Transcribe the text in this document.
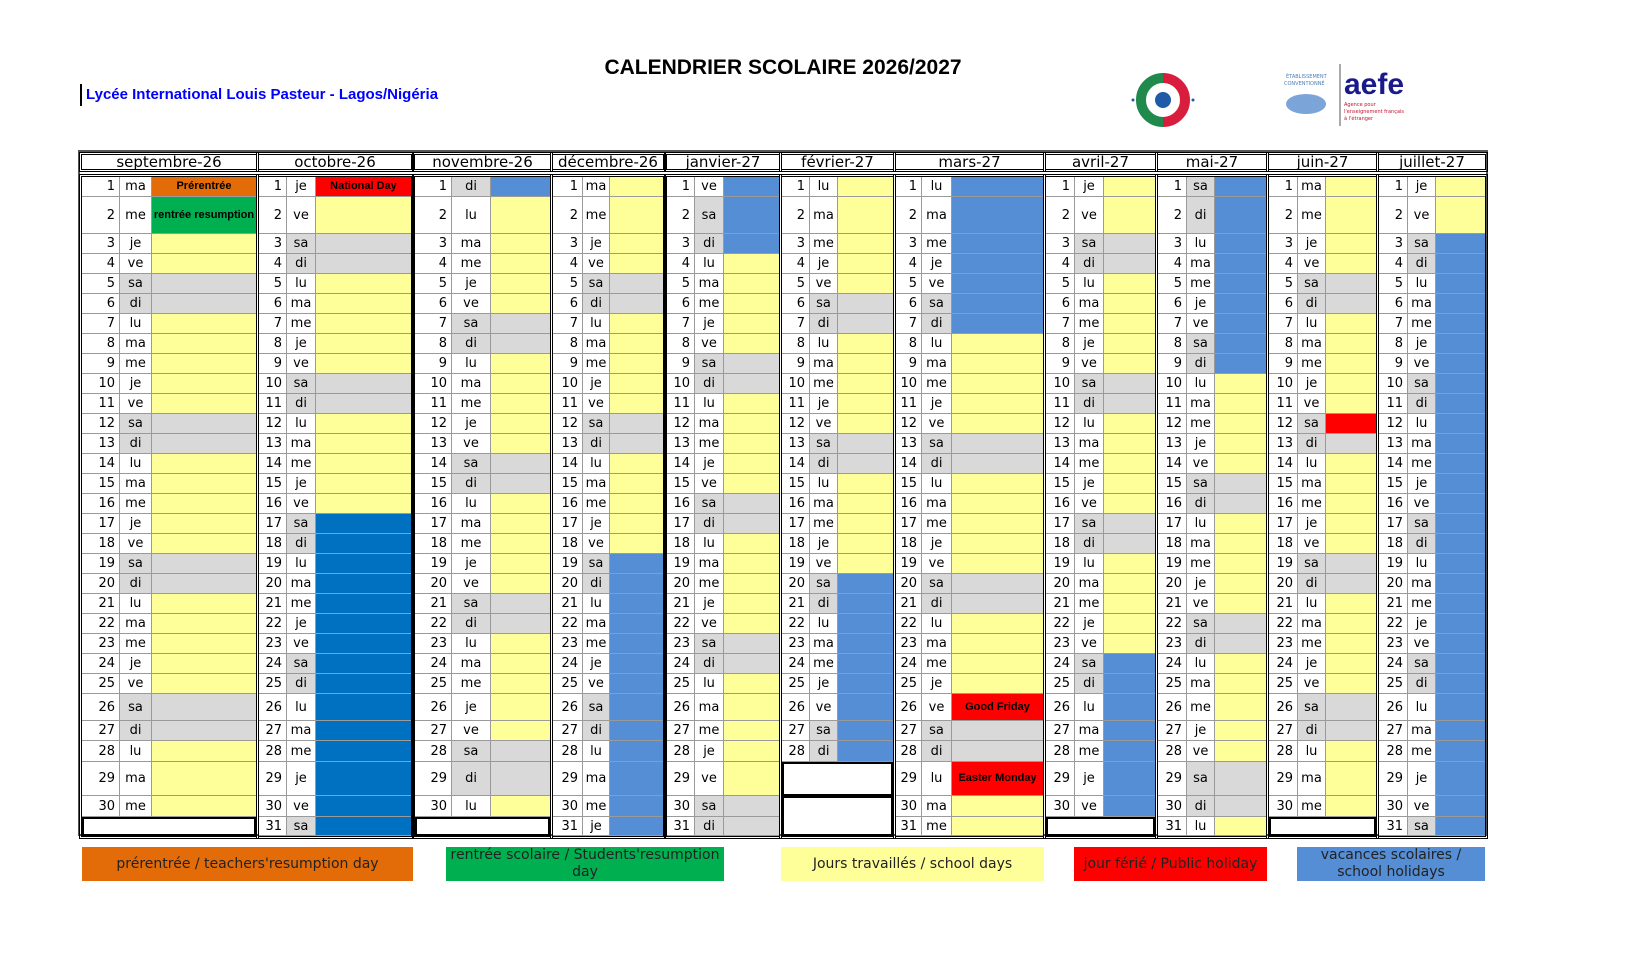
CALENDRIER SCOLAIRE 2026/2027
Lycée International Louis Pasteur - Lagos/Nigéria
ÉTABLISSEMENT
CONVENTIONNÉ aefe
Agence pour
l'enseignement français
à l'étranger
septembre-26
1 ma	Prérentrée
2 me rentrée resumption
3	je
4 ve
5	sa
6	di
7	lu
8 ma
9 me
10	je
11 ve
12	sa
13	di
14	lu
15 ma
16 me
17	je
18 ve
19	sa
20	di
21	lu
22 ma
23 me
24	je
25 ve
26	sa
27	di
28	lu
29 ma
30 me
octobre-26
1	je	National Day
2 ve
3 sa
4	di
5	lu
6 ma
7 me
8	je
9 ve
10 sa
11	di
12	lu
13 ma
14 me
15	je
16 ve
17 sa
18	di
19	lu
20 ma
21 me
22	je
23 ve
24 sa
25	di
26	lu
27 ma
28 me
29	je
30 ve
31 sa
novembre-26
1	di
2	lu
3	ma
4	me
5	je
6	ve
7	sa
8	di
9	lu
10	ma
11	me
12	je
13	ve
14	sa
15	di
16	lu
17	ma
18	me
19	je
20	ve
21	sa
22	di
23	lu
24	ma
25	me
26	je
27	ve
28	sa
29	di
30	lu
décembre-26
1 ma
2 me
3 je
4 ve
5 sa
6 di
7 lu
8 ma
9 me
10 je
11 ve
12 sa
13 di
14 lu
15 ma
16 me
17 je
18 ve
19 sa
20 di
21 lu
22 ma
23 me
24 je
25 ve
26 sa
27 di
28 lu
29 ma
30 me
31 je
janvier-27
1 ve
2 sa
3	di
4	lu
5 ma
6 me
7	je
8 ve
9 sa
10	di
11	lu
12 ma
13 me
14	je
15 ve
16 sa
17	di
18	lu
19 ma
20 me
21	je
22 ve
23 sa
24	di
25	lu
26 ma
27 me
28	je
29 ve
30 sa
31	di
février-27
1 lu
2 ma
3 me
4 je
5 ve
6 sa
7 di
8 lu
9 ma
10 me
11 je
12 ve
13 sa
14 di
15 lu
16 ma
17 me
18 je
19 ve
20 sa
21 di
22 lu
23 ma
24 me
25 je
26 ve
27 sa
28 di
mars-27
1	lu
2 ma
3 me
4	je
5 ve
6 sa
7	di
8	lu
9 ma
10 me
11	je
12 ve
13 sa
14	di
15	lu
16 ma
17 me
18	je
19 ve
20 sa
21	di
22	lu
23 ma
24 me
25	je
26 ve	Good Friday
27 sa
28	di
29	lu	Easter Monday
30 ma
31 me
avril-27
1	je
2 ve
3 sa
4	di
5	lu
6 ma
7 me
8	je
9 ve
10 sa
11	di
12	lu
13 ma
14 me
15	je
16 ve
17 sa
18	di
19	lu
20 ma
21 me
22	je
23 ve
24 sa
25	di
26	lu
27 ma
28 me
29	je
30 ve
mai-27
1 sa
2 di
3 lu
4 ma
5 me
6 je
7 ve
8 sa
9 di
10 lu
11 ma
12 me
13 je
14 ve
15 sa
16 di
17 lu
18 ma
19 me
20 je
21 ve
22 sa
23 di
24 lu
25 ma
26 me
27 je
28 ve
29 sa
30 di
31 lu
juin-27
1 ma
2 me
3 je
4 ve
5 sa
6 di
7 lu
8 ma
9 me
10 je
11 ve
12 sa
13 di
14 lu
15 ma
16 me
17 je
18 ve
19 sa
20 di
21 lu
22 ma
23 me
24 je
25 ve
26 sa
27 di
28 lu
29 ma
30 me
juillet-27
1 je
2 ve
3 sa
4 di
5 lu
6 ma
7 me
8 je
9 ve
10 sa
11 di
12 lu
13 ma
14 me
15 je
16 ve
17 sa
18 di
19 lu
20 ma
21 me
22 je
23 ve
24 sa
25 di
26 lu
27 ma
28 me
29 je
30 ve
31 sa
prérentrée / teachers'resumption day
rentrée scolaire / Students'resumption day
Jours travaillés / school days	jour férié / Public holiday
vacances scolaires / school holidays
